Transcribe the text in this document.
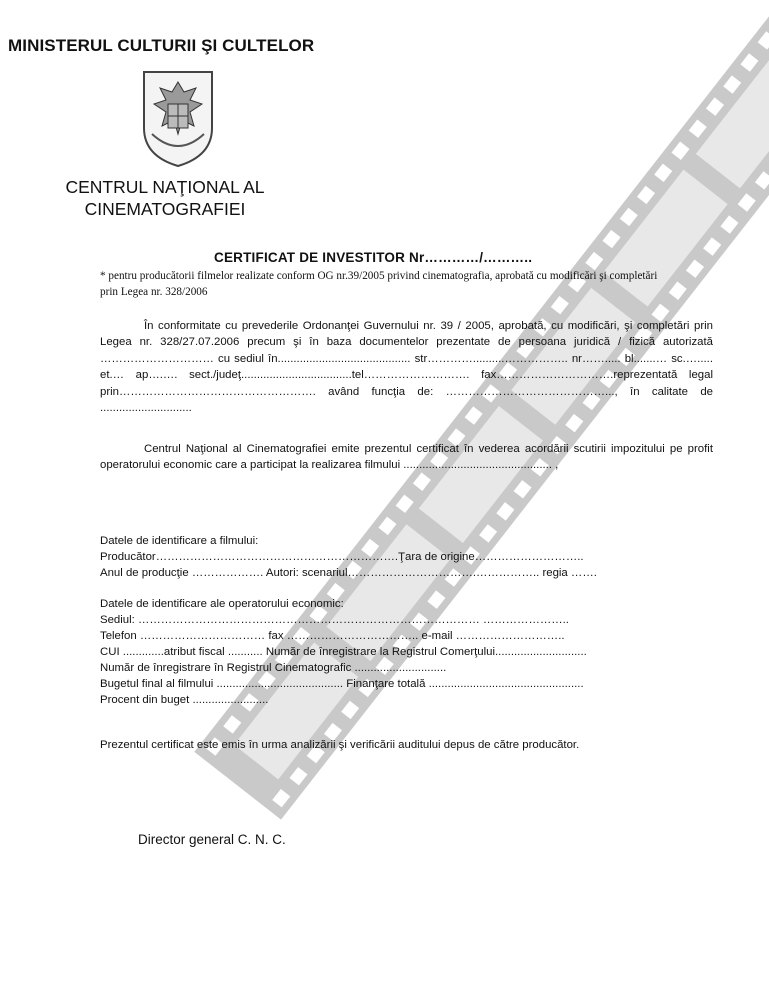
MINISTERUL CULTURII ŞI CULTELOR
CENTRUL NAŢIONAL AL
CINEMATOGRAFIEI
CERTIFICAT DE INVESTITOR Nr…………/………..
* pentru producătorii filmelor realizate conform OG nr.39/2005 privind cinematografia, aprobată cu modificări şi completări prin Legea nr. 328/2006
În conformitate cu prevederile Ordonanţei Guvernului nr. 39 / 2005, aprobată, cu modificări, şi completări prin Legea nr. 328/27.07.2006 precum şi în baza documentelor prezentate de persoana juridică / fizică autorizată ………………………… cu sediul în.......................................... str…………..........…………….. nr……..... bl.......… sc.…..... et.… ap….…. sect./judeţ...................................tel………………………. fax………………………….reprezentată legal prin……………………………………………. având funcţia de: ……………………………………..., în calitate de .............................
Centrul Naţional al Cinematografiei emite prezentul certificat în vederea acordării scutirii impozitului pe profit operatorului economic care a participat la realizarea filmului ............................................... ,
Datele de identificare a filmului:
Producător……………………………………………………….Ţara de origine………………………..
Anul de producţie ………………. Autori: scenariul…………………………….…………….. regia …….
Datele de identificare ale operatorului economic:
Sediul: ……………………………………………………………………………… …………………..
Telefon …………………………… fax …………………………….. e-mail ………………………..
CUI .............atribut fiscal ........... Număr de înregistrare la Registrul Comerţului.............................
Număr de înregistrare în Registrul Cinematografic .............................
Bugetul final al filmului ........................................ Finanţare totală .................................................
Procent din buget ........................
Prezentul certificat este emis în urma analizării şi verificării auditului depus de către producător.
Director general C. N. C.
